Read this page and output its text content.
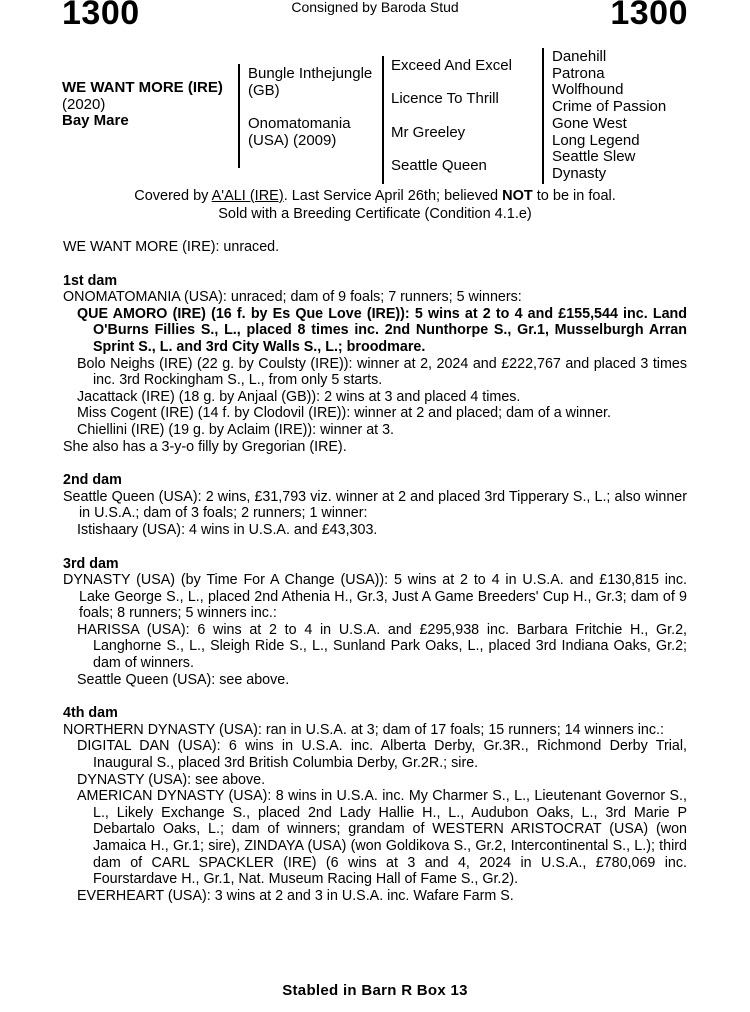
1300	Consigned by Baroda Stud	1300
WE WANT MORE (IRE)
(2020)
Bay Mare
Bungle Inthejungle (GB)
Onomatomania (USA) (2009)
Exceed And Excel
Licence To Thrill
Mr Greeley
Seattle Queen
Danehill
Patrona
Wolfhound
Crime of Passion
Gone West
Long Legend
Seattle Slew
Dynasty
Covered by A'ALI (IRE). Last Service April 26th; believed NOT to be in foal.
Sold with a Breeding Certificate (Condition 4.1.e)

WE WANT MORE (IRE): unraced.

1st dam

ONOMATOMANIA (USA): unraced; dam of 9 foals; 7 runners; 5 winners:

QUE AMORO (IRE) (16 f. by Es Que Love (IRE)): 5 wins at 2 to 4 and £155,544 inc. Land O'Burns Fillies S., L., placed 8 times inc. 2nd Nunthorpe S., Gr.1, Musselburgh Arran Sprint S., L. and 3rd City Walls S., L.; broodmare.

Bolo Neighs (IRE) (22 g. by Coulsty (IRE)): winner at 2, 2024 and £222,767 and placed 3 times inc. 3rd Rockingham S., L., from only 5 starts.

Jacattack (IRE) (18 g. by Anjaal (GB)): 2 wins at 3 and placed 4 times.

Miss Cogent (IRE) (14 f. by Clodovil (IRE)): winner at 2 and placed; dam of a winner.

Chiellini (IRE) (19 g. by Aclaim (IRE)): winner at 3.

She also has a 3-y-o filly by Gregorian (IRE).

2nd dam

Seattle Queen (USA): 2 wins, £31,793 viz. winner at 2 and placed 3rd Tipperary S., L.; also winner in U.S.A.; dam of 3 foals; 2 runners; 1 winner:

Istishaary (USA): 4 wins in U.S.A. and £43,303.

3rd dam

DYNASTY (USA) (by Time For A Change (USA)): 5 wins at 2 to 4 in U.S.A. and £130,815 inc. Lake George S., L., placed 2nd Athenia H., Gr.3, Just A Game Breeders' Cup H., Gr.3; dam of 9 foals; 8 runners; 5 winners inc.:

HARISSA (USA): 6 wins at 2 to 4 in U.S.A. and £295,938 inc. Barbara Fritchie H., Gr.2, Langhorne S., L., Sleigh Ride S., L., Sunland Park Oaks, L., placed 3rd Indiana Oaks, Gr.2; dam of winners.

Seattle Queen (USA): see above.

4th dam

NORTHERN DYNASTY (USA): ran in U.S.A. at 3; dam of 17 foals; 15 runners; 14 winners inc.:

DIGITAL DAN (USA): 6 wins in U.S.A. inc. Alberta Derby, Gr.3R., Richmond Derby Trial, Inaugural S., placed 3rd British Columbia Derby, Gr.2R.; sire.

DYNASTY (USA): see above.

AMERICAN DYNASTY (USA): 8 wins in U.S.A. inc. My Charmer S., L., Lieutenant Governor S., L., Likely Exchange S., placed 2nd Lady Hallie H., L., Audubon Oaks, L., 3rd Marie P Debartalo Oaks, L.; dam of winners; grandam of WESTERN ARISTOCRAT (USA) (won Jamaica H., Gr.1; sire), ZINDAYA (USA) (won Goldikova S., Gr.2, Intercontinental S., L.); third dam of CARL SPACKLER (IRE) (6 wins at 3 and 4, 2024 in U.S.A., £780,069 inc. Fourstardave H., Gr.1, Nat. Museum Racing Hall of Fame S., Gr.2).

EVERHEART (USA): 3 wins at 2 and 3 in U.S.A. inc. Wafare Farm S.

Stabled in Barn R Box 13
